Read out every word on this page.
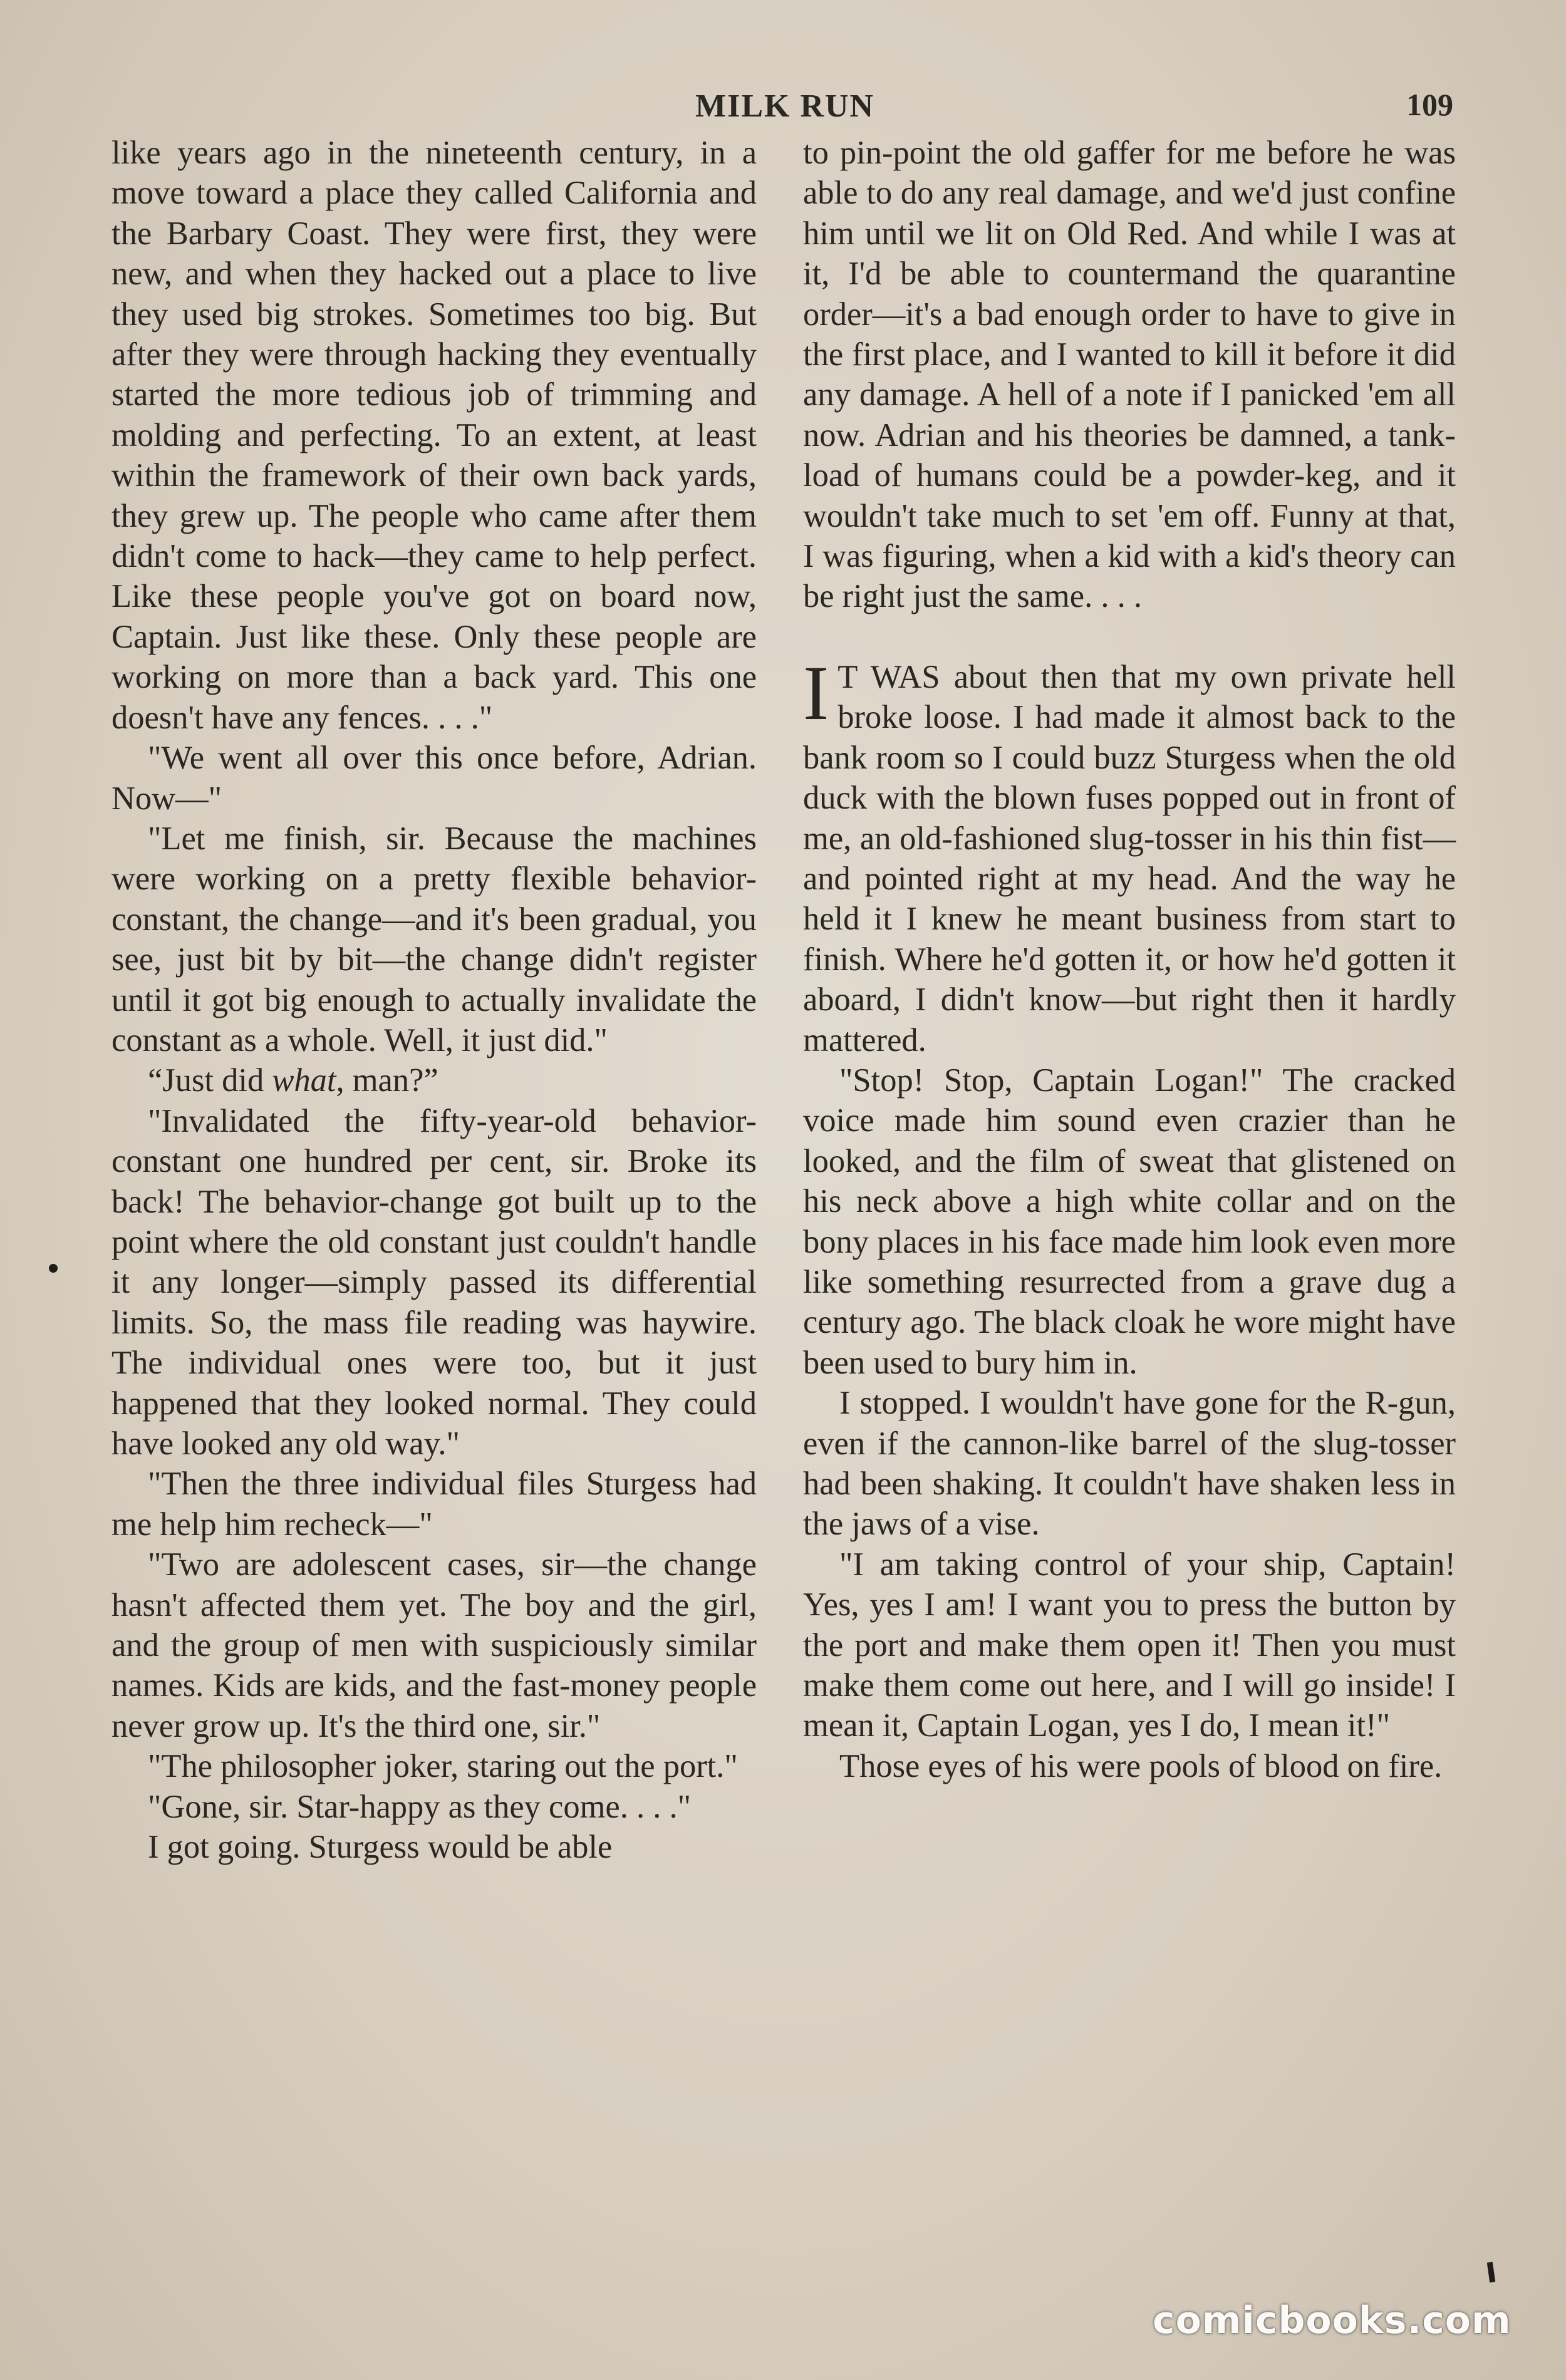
MILK RUN	109

like years ago in the nineteenth century, in a move toward a place they called California and the Barbary Coast. They were first, they were new, and when they hacked out a place to live they used big strokes. Sometimes too big. But after they were through hacking they eventually started the more tedious job of trimming and molding and perfecting. To an extent, at least within the framework of their own back yards, they grew up. The people who came after them didn't come to hack—they came to help perfect. Like these people you've got on board now, Captain. Just like these. Only these people are working on more than a back yard. This one doesn't have any fences. . . ."

"We went all over this once before, Adrian. Now—"

"Let me finish, sir. Because the machines were working on a pretty flexible behavior-constant, the change—and it's been gradual, you see, just bit by bit—the change didn't register until it got big enough to actually invalidate the constant as a whole. Well, it just did."

“Just did what, man?”

"Invalidated the fifty-year-old behavior-constant one hundred per cent, sir. Broke its back! The behavior-change got built up to the point where the old constant just couldn't handle it any longer—simply passed its differential limits. So, the mass file reading was haywire. The individual ones were too, but it just happened that they looked normal. They could have looked any old way."

"Then the three individual files Sturgess had me help him recheck—"

"Two are adolescent cases, sir—the change hasn't affected them yet. The boy and the girl, and the group of men with suspiciously similar names. Kids are kids, and the fast-money people never grow up. It's the third one, sir."

"The philosopher joker, staring out the port."

"Gone, sir. Star-happy as they come. . . ."

I got going. Sturgess would be able

to pin-point the old gaffer for me before he was able to do any real damage, and we'd just confine him until we lit on Old Red. And while I was at it, I'd be able to countermand the quarantine order—it's a bad enough order to have to give in the first place, and I wanted to kill it before it did any damage. A hell of a note if I panicked 'em all now. Adrian and his theories be damned, a tank-load of humans could be a powder-keg, and it wouldn't take much to set 'em off. Funny at that, I was figuring, when a kid with a kid's theory can be right just the same. . . .

I T WAS about then that my own private hell broke loose. I had made it almost back to the bank room so I could buzz Sturgess when the old duck with the blown fuses popped out in front of me, an old-fashioned slug-tosser in his thin fist—and pointed right at my head. And the way he held it I knew he meant business from start to finish. Where he'd gotten it, or how he'd gotten it aboard, I didn't know—but right then it hardly mattered.

"Stop! Stop, Captain Logan!" The cracked voice made him sound even crazier than he looked, and the film of sweat that glistened on his neck above a high white collar and on the bony places in his face made him look even more like something resurrected from a grave dug a century ago. The black cloak he wore might have been used to bury him in.

I stopped. I wouldn't have gone for the R-gun, even if the cannon-like barrel of the slug-tosser had been shaking. It couldn't have shaken less in the jaws of a vise.

"I am taking control of your ship, Captain! Yes, yes I am! I want you to press the button by the port and make them open it! Then you must make them come out here, and I will go inside! I mean it, Captain Logan, yes I do, I mean it!"

Those eyes of his were pools of blood on fire.

comicbooks.com
